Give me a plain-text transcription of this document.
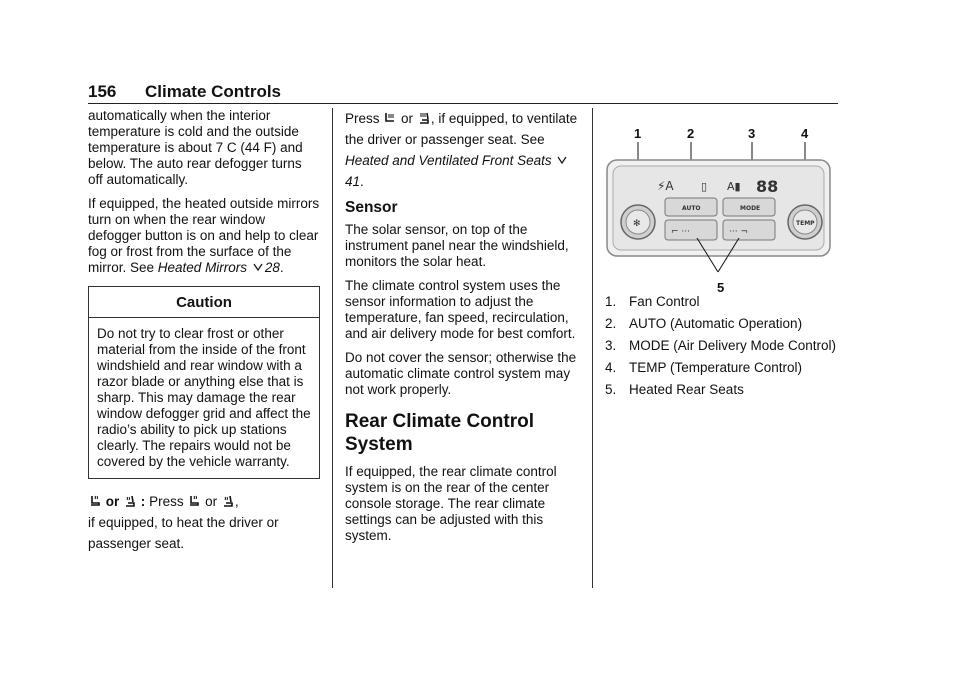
156 Climate Controls

automatically when the interior temperature is cold and the outside temperature is about 7 C (44 F) and below. The auto rear defogger turns off automatically.

If equipped, the heated outside mirrors turn on when the rear window defogger button is on and help to clear fog or frost from the surface of the mirror. See Heated Mirrors 28.

Caution
Do not try to clear frost or other material from the inside of the front windshield and rear window with a razor blade or anything else that is sharp. This may damage the rear window defogger grid and affect the radio’s ability to pick up stations clearly. The repairs would not be covered by the vehicle warranty.

or : Press or ,
if equipped, to heat the driver or passenger seat.

Press or , if equipped, to ventilate the driver or passenger seat. See Heated and Ventilated Front Seats
41.

Sensor

The solar sensor, on top of the instrument panel near the windshield, monitors the solar heat.

The climate control system uses the sensor information to adjust the temperature, fan speed, recirculation, and air delivery mode for best comfort.

Do not cover the sensor; otherwise the automatic climate control system may not work properly.

Rear Climate Control System

If equipped, the rear climate control system is on the rear of the center console storage. The rear climate settings can be adjusted with this system.

1	2	3	4
5
⚡A ▯ A▮ 88
✻	TEMP
AUTO	MODE
⌐ ···	··· ¬
1. Fan Control
2. AUTO (Automatic Operation)
3. MODE (Air Delivery Mode Control)
4. TEMP (Temperature Control)
5. Heated Rear Seats
